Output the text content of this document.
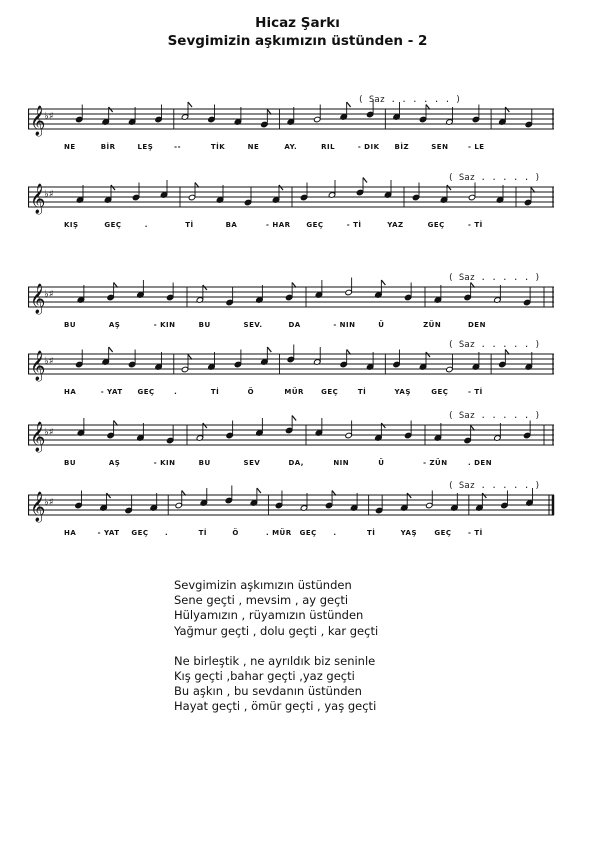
Hicaz Şarkı

Sevgimizin aşkımızın üstünden - 2

𝄞
♭♯
( Saz . . . . . . )
NE	BİR	LEŞ	--	TİK	NE	AY.	RIL	- DIK BİZ	SEN	- LE
𝄞
♭♯
( Saz . . . . . )
KIŞ	GEÇ	.	Tİ	BA	- HAR GEÇ	- Tİ	YAZ	GEÇ	- Tİ
𝄞
♭♯
( Saz . . . . . )
BU	AŞ	- KIN	BU	SEV.	DA	- NIN	Ü	ZÜN	DEN
𝄞
♭♯
( Saz . . . . . )
HA	- YAT GEÇ	.	Tİ	Ö	MÜR GEÇ	Tİ	YAŞ	GEÇ	- Tİ
𝄞
♭♯
( Saz . . . . . )
BU	AŞ	- KIN	BU	SEV	DA,	NIN	Ü	- ZÜN	. DEN
𝄞
♭♯
( Saz . . . . . )
HA	- YAT GEÇ .	Tİ	Ö	. MÜR GEÇ .	Tİ	YAŞ GEÇ - Tİ
Sevgimizin aşkımızın üstünden
Sene geçti , mevsim , ay geçti
Hülyamızın , rüyamızın üstünden
Yağmur geçti , dolu geçti , kar geçti
Ne birleştik , ne ayrıldık biz seninle
Kış geçti ,bahar geçti ,yaz geçti
Bu aşkın , bu sevdanın üstünden
Hayat geçti , ömür geçti , yaş geçti
